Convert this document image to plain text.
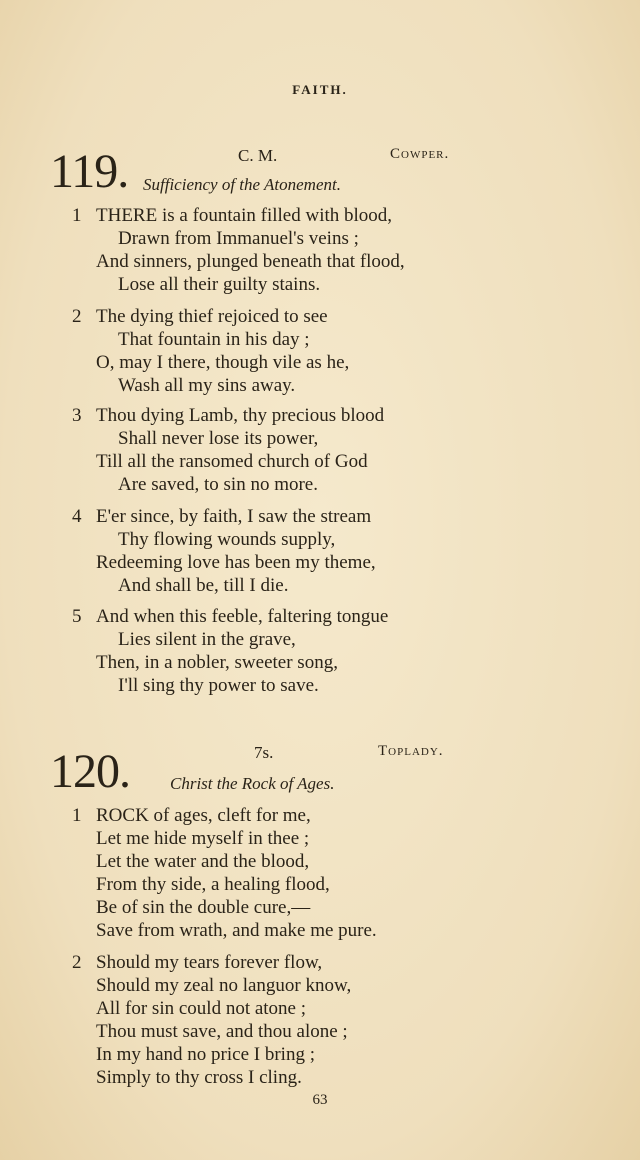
FAITH.
119.	C. M.	Cowper.
Sufficiency of the Atonement.
1 THERE is a fountain filled with blood,
Drawn from Immanuel's veins ;
And sinners, plunged beneath that flood,
Lose all their guilty stains.
2 The dying thief rejoiced to see
That fountain in his day ;
O, may I there, though vile as he,
Wash all my sins away.
3 Thou dying Lamb, thy precious blood
Shall never lose its power,
Till all the ransomed church of God
Are saved, to sin no more.
4 E'er since, by faith, I saw the stream
Thy flowing wounds supply,
Redeeming love has been my theme,
And shall be, till I die.
5 And when this feeble, faltering tongue
Lies silent in the grave,
Then, in a nobler, sweeter song,
I'll sing thy power to save.
120.	7s.	Toplady.
Christ the Rock of Ages.
1 ROCK of ages, cleft for me,
Let me hide myself in thee ;
Let the water and the blood,
From thy side, a healing flood,
Be of sin the double cure,—
Save from wrath, and make me pure.
2 Should my tears forever flow,
Should my zeal no languor know,
All for sin could not atone ;
Thou must save, and thou alone ;
In my hand no price I bring ;
Simply to thy cross I cling.
63
